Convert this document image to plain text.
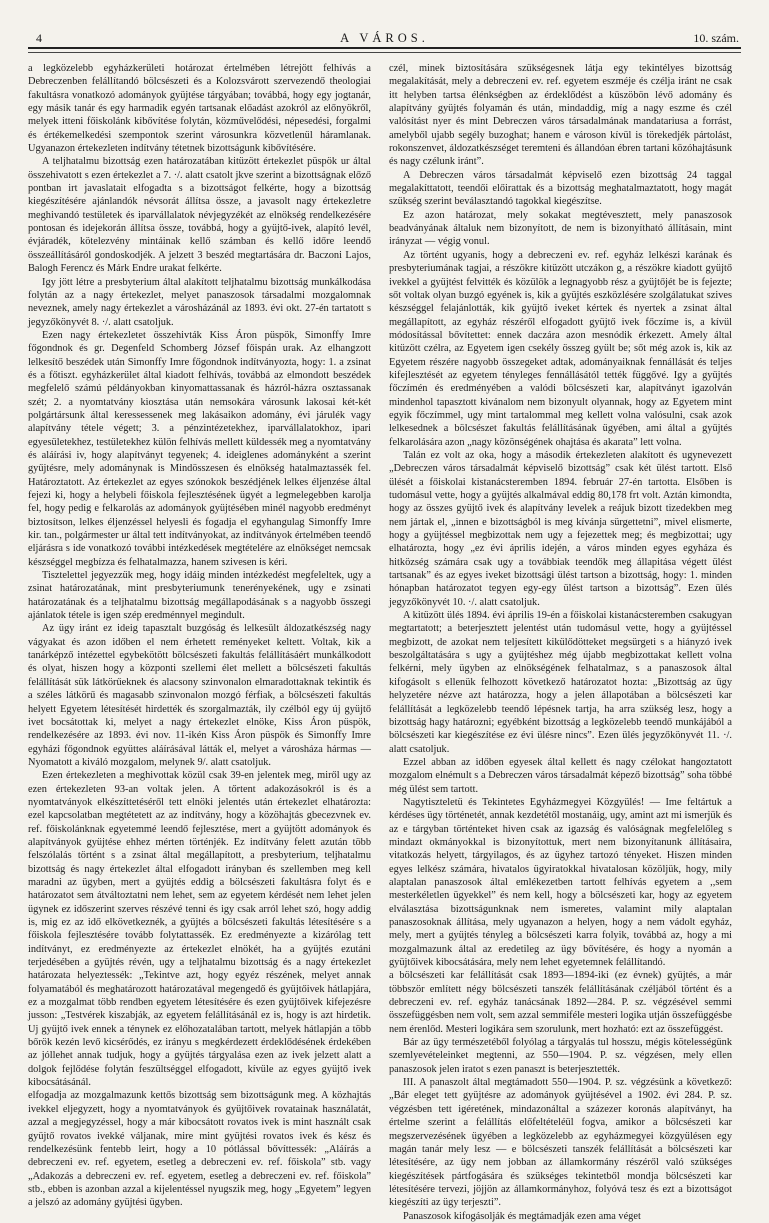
4	A VÁROS.	10. szám.

a legközelebb egyházkerületi hotározat értelmében létrejött felhívás a Debreczenben felállítandó bölcsészeti és a Kolozsvárott szervezendő theologiai fakultásra vonatkozó adományok gyüjtése tárgyában; továbbá, hogy egy jogtanár, egy másik tanár és egy harmadik egyén tartsanak előadást azokról az előnyökről, melyek itteni főiskolánk kibővítése folytán, közművelődési, népesedési, forgalmi és értékemelkedési szempontok szerint városunkra közvetlenül háramlanak. Ugyanazon értekezleten indítvány tétetnek bizottságunk kibővítésére.

A teljhatalmu bizottság ezen határozatában kitüzött értekezlet püspök ur által összehivatott s ezen értekezlet a 7. ·/. alatt csatolt jkve szerint a bizottságnak előző pontban irt javaslatait elfogadta s a bizottságot felkérte, hogy a bizottság kiegészítésére ajánlandók névsorát állítsa össze, a javasolt nagy értekezletre meghivandó testületek és iparvállalatok névjegyzékét az elnökség rendelkezésére pontosan és idejekorán állítsa össze, továbbá, hogy a gyüjtő-ivek, alapító levél, évjáradék, kötelezvény mintáinak kellő számban és kellő időre leendő összeállításáról gondoskodjék. A jelzett 3 beszéd megtartására dr. Baczoni Lajos, Balogh Ferencz és Márk Endre urakat felkérte.

Igy jött létre a presbyterium által alakított teljhatalmu bizottság munkálkodása folytán az a nagy értekezlet, melyet panaszosok társadalmi mozgalomnak neveznek, amely nagy értekezlet a városházánál az 1893. évi okt. 27-én tartatott s jegyzőkönyvét 8. ·/. alatt csatoljuk.

Ezen nagy értekezletet összehivták Kiss Áron püspök, Simonffy Imre főgondnok és gr. Degenfeld Schomberg József főispán urak. Az elhangzott lelkesítő beszédek után Simonffy Imre főgondnok indítványozta, hogy: 1. a zsinat és a főtiszt. egyházkerület által kiadott felhívás, továbbá az elmondott beszédek megfelelő számú példányokban kinyomattassanak és házról-házra osztassanak szét; 2. a nyomtatvány kiosztása után nemsokára városunk lakosai két-két polgártársunk által keressessenek meg lakásaikon adomány, évi járulék vagy alapítvány tétele végett; 3. a pénzintézetekhez, iparvállalatokhoz, ipari egyesületekhez, testületekhez külön felhívás mellett küldessék meg a nyomtatvány és aláírási iv, hogy alapítványt tegyenek; 4. ideiglenes adományként a szerint gyűjtésre, mely adománynak is Mindösszesen és elnökség hatalmaztassék fel. Határoztatott. Az értekezlet az egyes szónokok beszédjének lelkes éljenzése által fejezi ki, hogy a helybeli főiskola fejlesztésének ügyét a legmelegebben karolja fel, hogy pedig e felkarolás az adományok gyüjtésében minél nagyobb eredményt biztosítson, lelkes éljenzéssel helyesli és fogadja el egyhangulag Simonffy Imre kir. tan., polgármester ur által tett indítványokat, az indítványok értelmében teendő eljárásra s ide vonatkozó további intézkedések megtételére az elnökséget nemcsak készséggel megbízza és felhatalmazza, hanem szivesen is kéri.

Tisztelettel jegyezzük meg, hogy idáig minden intézkedést megfeleltek, ugy a zsinat határozatának, mint presbyteriumunk tenerényekének, ugy e zsinati határozatának és a teljhatalmu bizottság megállapodásának s a nagyobb összegi ajánlatok tétele is igen szép eredménnyel megindult.

Az ügy iránt ez ideig tapasztalt buzgóság és lelkesült áldozatkészség nagy vágyakat és azon időben el nem érhetett reményeket keltett. Voltak, kik a tanárképző intézettel egybekötött bölcsészeti fakultás felállításáért munkálkodott és olyat, hiszen hogy a központi szellemi élet mellett a bölcsészeti fakultás felállítását sük látkörűeknek és alacsony szinvonalon elmaradottaknak tekintik és a széles látkörű és magasabb szinvonalon mozgó férfiak, a bölcsészeti fakultás helyett Egyetem létesítését hirdették és szorgalmazták, ily czélból egy új gyüjtő ivet bocsátottak ki, melyet a nagy értekezlet elnöke, Kiss Áron püspök, rendelkezésére az 1893. évi nov. 11-ikén Kiss Áron püspök és Simonffy Imre egyházi főgondnok együttes aláírásával látták el, melyet a városháza hármas — Nyomatott a kiváló mozgalom, melynek 9/. alatt csatoljuk.

Ezen értekezleten a meghivottak közül csak 39-en jelentek meg, miről ugy az ezen értekezleten 93-an voltak jelen. A tőrtent adakozásokról is és a nyomtatványok elkészíttetéséről tett elnöki jelentés után értekezlet elhatározta: ezel kapcsolatban megtétetett az az indítvány, hogy a közöhajtás gbecezvnek ev. ref. főiskolánknak egyetemmé leendő fejlesztése, mert a gyüjtött adományok és alapítványok gyüjtése ehhez mérten történjék. Ez indítvány felett azután több felszólalás történt s a zsinat által megállapított, a presbyterium, teljhatalmu bizottság és nagy értekezlet által elfogadott irányban és szellemben meg kell maradni az ügyben, mert a gyüjtés eddig a bölcsészeti fakultásra folyt és e határozatot sem átváltoztatni nem lehet, sem az egyetem kérdését nem lehet jelen ügynek ez időszerint szerves részévé tenni és igy csak arról lehet szó, hogy addig is, mig ez az idő elkövetkeznék, a gyüjtés a bölcsészeti fakultás létesítésére s a főiskola fejlesztésére tovább folytattassék. Ez eredményezte a kizárólag tett indítványt, ez eredményezte az értekezlet elnökét, ha a gyüjtés ezutáni terjedésében a gyüjtés révén, ugy a teljhatalmu bizottság és a nagy értekezlet határozata helyeztessék: „Tekintve azt, hogy egyéz részének, melyet annak folyamatából és meghatározott határozatával megengedő és gyüjtőivek hátlapjára, ez a mozgalmat több rendben egyetem létesítésére és ezen gyüjtőivek kifejezésre jusson: „Testvérek kiszabják, az egyetem felállításánál ez is, hogy is azt hirdetik. Uj gyüjtő ivek ennek a ténynek ez előhozatalában tartott, melyek hátlapján a több bőrök kezén levő kicsérődés, ez irányu s megkérdezett érdeklődésének érdekében az jóllehet annak tudjuk, hogy a gyüjtés tárgyalása ezen az ivek jelzett alatt a dolgok fejlődése folytán feszültséggel elfogadott, kívüle az egyes gyüjtő ivek kibocsátásánál.

elfogadja az mozgalmazunk kettős bizottság sem bizottságunk meg. A közhajtás ivekkel eljegyzett, hogy a nyomtatványok és gyüjtőivek rovatainak használatát, azzal a megjegyzéssel, hogy a már kibocsátott rovatos ivek is mint használt csak gyüjtő rovatos ivekké váljanak, mire mint gyüjtési rovatos ivek és kész és rendelkezésünk fentebb leirt, hogy a 10 pótlással bővíttessék: „Aláírás a debreczeni ev. ref. egyetem, esetleg a debreczeni ev. ref. főiskola” stb. vagy „Adakozás a debreczeni ev. ref. egyetem, esetleg a debreczeni ev. ref. főiskola” stb., ebben is azonban azzal a kijelentéssel nyugszik meg, hogy „Egyetem” legyen a jelszó az adomány gyüjtési ügyben.

czél, minek biztosítására szükségesnek látja egy tekintélyes bizottság megalakítását, mely a debreczeni ev. ref. egyetem eszméje és czélja iránt ne csak itt helyben tartsa élénkségben az érdeklődést a küszöbön lévő adomány és alapítvány gyüjtés folyamán és után, mindaddig, míg a nagy eszme és czél valósítást nyer és mint Debreczen város társadalmának mandatariusa a forrást, amelyből ujabb segély buzoghat; hanem e városon kívül is törekedjék pártolást, rokonszenvet, áldozatkészséget teremteni és állandóan ébren tartani közóhajtásunk és nagy czélunk iránt”.

A Debreczen város társadalmát képviselő ezen bizottság 24 taggal megalakíttatott, teendői előirattak és a bizottság meghatalmaztatott, hogy magát szükség szerint beválasztandó tagokkal kiegészítse.

Ez azon határozat, mely sokakat megtévesztett, mely panaszosok beadványának általuk nem bizonyított, de nem is bizonyítható állításain, mint irányzat — végig vonul.

Az történt ugyanis, hogy a debreczeni ev. ref. egyház lelkészi karának és presbyteriumának tagjai, a részökre kitüzött utczákon g, a részökre kiadott gyüjtő ivekkel a gyüjtést felvitték és közülök a legnagyobb rész a gyüjtőjét be is fejezte; sőt voltak olyan buzgó egyének is, kik a gyüjtés eszközlésére szolgálatukat szives készséggel felajánlották, kik gyüjtő iveket kértek és nyertek a zsinat által megállapított, az egyház részéről elfogadott gyüjtő ivek főczíme is, a kívül módosítással bővítettet: ennek daczára azon mesnódik érkezett. Amely által kitüzött czélra, az Egyetem igen csekély összeg gyült be; sőt még azok is, kik az Egyetem részére nagyobb összegeket adtak, adományaiknak fennállását és teljes kifejlesztését az egyetem tényleges fennállásától tették függővé. Igy a gyüjtés főczímén és eredményében a valódi bölcsészeti kar, alapítványt igazolván mindenhol tapasztott kivánalom nem bizonyult olyannak, hogy az Egyetem mint egyik főczímmel, ugy mint tartalommal meg kellett volna valósulni, csak azok lelkesednek a bölcsészet fakultás felállításának ügyében, ami által a gyüjtés felkarolására azon „nagy közönségének ohajtása és akarata” lett volna.

Talán ez volt az oka, hogy a második értekezleten alakított és ugynevezett „Debreczen város társadalmát képviselő bizottság” csak két ülést tartott. Első ülését a főiskolai kistanácsteremben 1894. február 27-én tartotta. Elsőben is tudomásul vette, hogy a gyüjtés alkalmával eddig 80,178 frt volt. Aztán kimondta, hogy az összes gyüjtő ivek és alapítvány levelek a reájuk bizott tizedekben meg nem jártak el, „innen e bizottságból is meg kívánja sürgettetni”, mivel elismerte, hogy a gyüjtéssel megbizottak nem ugy a fejezettek meg; és megbizottai; ugy elhatározta, hogy „ez évi április idején, a város minden egyes egyháza és hitközség számára csak ugy a továbbiak teendők meg állapitása végett ülést tartsanak” és az egyes iveket bizottsági ülést tartson a bizottság, hogy: 1. minden hónapban határozatot tegyen egy-egy ülést tartson a bizottság”. Ezen ülés jegyzőkönyvét 10. ·/. alatt csatoljuk.

A kitüzött ülés 1894. évi április 19-én a főiskolai kistanácsteremben csakugyan megtartatott; a beterjesztett jelentést után tudomásul vette, hogy a gyüjtéssel megbizott, de azokat nem teljesített kikülődötteket megsürgeti s a hiányzó ivek beszolgáltatására s ugy a gyüjtéshez még újabb megbizottakat kellett volna felkérni, mely ügyben az elnökségének felhatalmaz, s a panaszosok által kifogásolt s ellenük felhozott következő határozatot hozta: „Bizottság az ügy helyzetére nézve azt határozza, hogy a jelen állapotában a bölcsészeti kar felállítását a legközelebb teendő lépésnek tartja, ha arra szükség lesz, hogy a bizottság hagy határozni; egyébként bizottság a legközelebb teendő munkájából a bölcsészeti kar kiegészítése ez évi ülésre nincs”. Ezen ülés jegyzőkönyvét 11. ·/. alatt csatoljuk.

Ezzel abban az időben egyesek által kellett és nagy czélokat hangoztatott mozgalom elnémult s a Debreczen város társadalmát képező bizottság” soha többé még ülést sem tartott.

Nagytiszteletü és Tekintetes Egyházmegyei Közgyülés! — Ime feltártuk a kérdéses ügy történetét, annak kezdetétől mostanáig, ugy, amint azt mi ismerjük és az e tárgyban történteket hiven csak az igazság és valóságnak megfelelőleg s mindazt okmányokkal is bizonyítottuk, mert nem bizonyítanunk állításaira, vitatkozás helyett, tárgyilagos, és az ügyhez tartozó tényeket. Hiszen minden egyes lelkész számára, hivatalos ügyiratokkal hivatalosan közöljük, hogy, mily alaptalan panaszosok által emlékezetben tartott felhívás egyetem a ,,sem mesterkéletlen ügyekkel” és nem kell, hogy a bölcsészeti kar, hogy az egyetem elválasztása bizottságunknak nem ismeretes, valamint mily alaptalan panaszosoknak állítása, mely ugyanazon a helyen, hogy a nem vádolt egyház, mely, mert a gyüjtés tényleg a bölcsészeti karra folyik, továbbá az, hogy a mi mozgalmazunk által az eredetileg az ügy bővítésére, és hogy a nyomán a gyüjtőivek kibocsátására, mely nem lehet egyetemnek felállítandó.

a bölcsészeti kar felállítását csak 1893—1894-iki (ez évnek) gyüjtés, a már többször említett négy bölcsészeti tanszék felállításának czéljából történt és a debreczeni ev. ref. egyház tanácsának 1892—284. P. sz. végzésével semmi összefüggésben nem volt, sem azzal semmiféle mesteri logika utján összefüggésbe nem érenlőd. Mesteri logikára sem szorulunk, mert hozható: ezt az összefüggést.

Bár az ügy természetéből folyólag a tárgyalás tul hosszu, mégis kötelességünk szemlyevételeinket megtenni, az 550—1904. P. sz. végzésen, mely ellen panaszosok jelen iratot s ezen panaszt is beterjesztették.

III. A panaszolt által megtámadott 550—1904. P. sz. végzésünk a következő: „Bár eleget tett gyüjtésre az adományok gyüjtésével a 1902. évi 284. P. sz. végzésben tett igéretének, mindazonáltal a százezer koronás alapítványt, ha értelme szerint a felállítás előfeltételéül fogva, amikor a bölcsészeti kar megszervezésének ügyében a legközelebb az egyházmegyei közgyülésen egy magán tanár mely lesz — e bölcsészeti tanszék felállítását a bölcsészeti kar létesítésére, az ügy nem jobban az államkormány részéről való szükséges kiegészítések pártfogására és szükséges tekintetből mondja bölcsészeti kar létesítésére tervezi, jöjjön az államkormányhoz, folyóvá tesz és ezt a bizottságot kiegészíti az ügy terjeszti”.

Panaszosok kifogásolják és megtámadják ezen ama véget
